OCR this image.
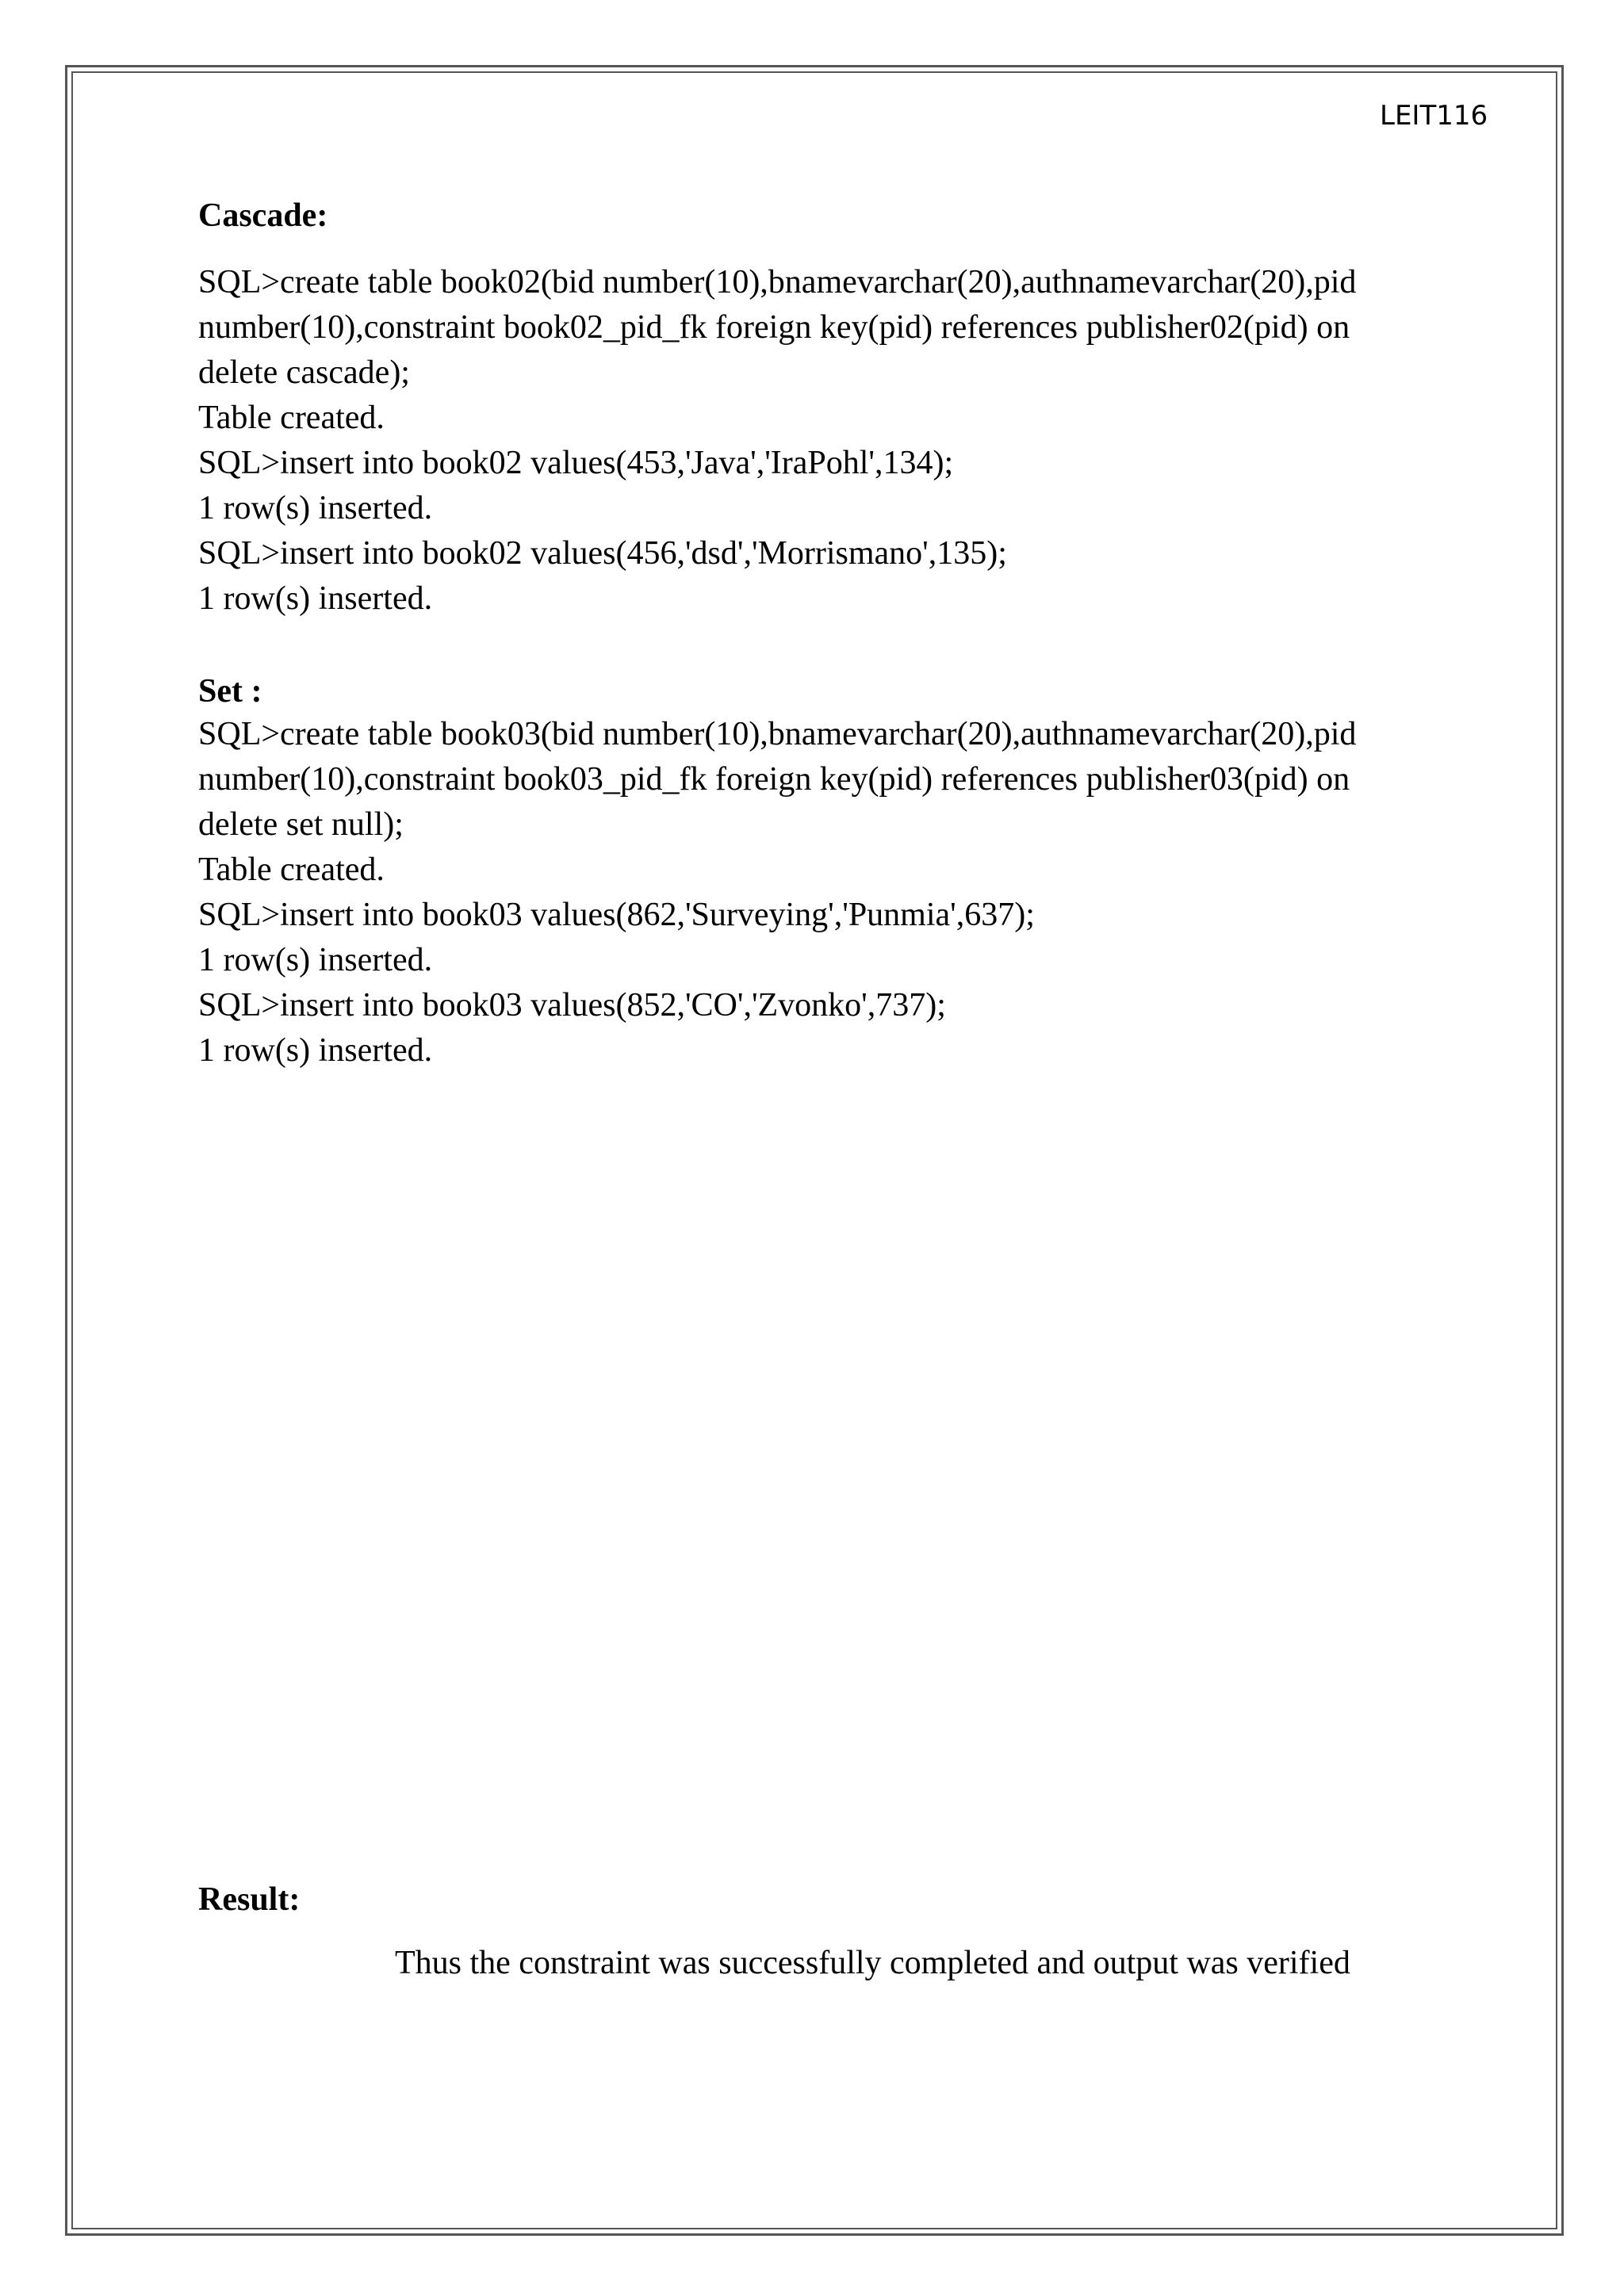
LEIT116
Cascade:
SQL>create table book02(bid number(10),bnamevarchar(20),authnamevarchar(20),pid
number(10),constraint book02_pid_fk foreign key(pid) references publisher02(pid) on
delete cascade);
Table created.
SQL>insert into book02 values(453,'Java','IraPohl',134);
1 row(s) inserted.
SQL>insert into book02 values(456,'dsd','Morrismano',135);
1 row(s) inserted.
Set :
SQL>create table book03(bid number(10),bnamevarchar(20),authnamevarchar(20),pid
number(10),constraint book03_pid_fk foreign key(pid) references publisher03(pid) on
delete set null);
Table created.
SQL>insert into book03 values(862,'Surveying','Punmia',637);
1 row(s) inserted.
SQL>insert into book03 values(852,'CO','Zvonko',737);
1 row(s) inserted.
Result:
Thus the constraint was successfully completed and output was verified
